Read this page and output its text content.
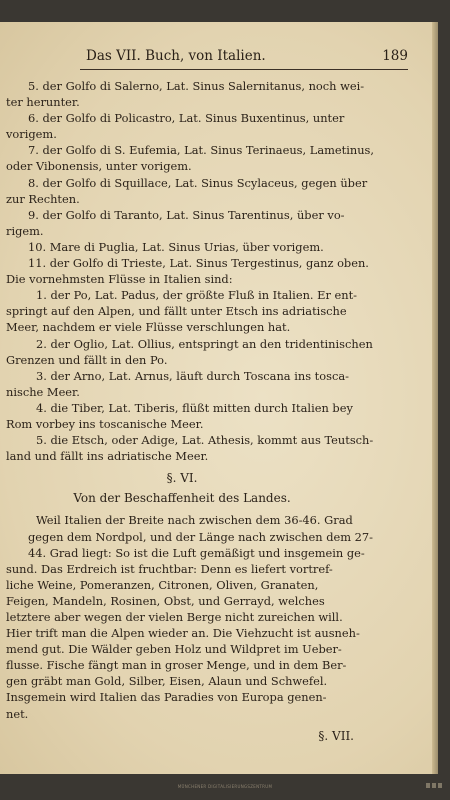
Das VII. Buch, von Italien.	189
5. der Golfo di Salerno, Lat. Sinus Salernitanus, noch wei-
ter herunter.
6. der Golfo di Policastro, Lat. Sinus Buxentinus, unter
vorigem.
7. der Golfo di S. Eufemia, Lat. Sinus Terinaeus, Lametinus,
oder Vibonensis, unter vorigem.
8. der Golfo di Squillace, Lat. Sinus Scylaceus, gegen über
zur Rechten.
9. der Golfo di Taranto, Lat. Sinus Tarentinus, über vo-
rigem.
10. Mare di Puglia, Lat. Sinus Urias, über vorigem.
11. der Golfo di Trieste, Lat. Sinus Tergestinus, ganz oben.
Die vornehmsten Flüsse in Italien sind:
1. der Po, Lat. Padus, der größte Fluß in Italien. Er ent-
springt auf den Alpen, und fällt unter Etsch ins adriatische
Meer, nachdem er viele Flüsse verschlungen hat.
2. der Oglio, Lat. Ollius, entspringt an den tridentinischen
Grenzen und fällt in den Po.
3. der Arno, Lat. Arnus, läuft durch Toscana ins tosca-
nische Meer.
4. die Tiber, Lat. Tiberis, flüßt mitten durch Italien bey
Rom vorbey ins toscanische Meer.
5. die Etsch, oder Adige, Lat. Athesis, kommt aus Teutsch-
land und fällt ins adriatische Meer.
§. VI.
Von der Beschaffenheit des Landes.
Weil Italien der Breite nach zwischen dem 36-46. Grad
gegen dem Nordpol, und der Länge nach zwischen dem 27-
44. Grad liegt: So ist die Luft gemäßigt und insgemein ge-
sund. Das Erdreich ist fruchtbar: Denn es liefert vortref-
liche Weine, Pomeranzen, Citronen, Oliven, Granaten,
Feigen, Mandeln, Rosinen, Obst, und Gerrayd, welches
letztere aber wegen der vielen Berge nicht zureichen will.
Hier trift man die Alpen wieder an. Die Viehzucht ist ausneh-
mend gut. Die Wälder geben Holz und Wildpret im Ueber-
flusse. Fische fängt man in groser Menge, und in dem Ber-
gen gräbt man Gold, Silber, Eisen, Alaun und Schwefel.
Insgemein wird Italien das Paradies von Europa genen-
net.
§. VII.
MÜNCHENER DIGITALISIERUNGSZENTRUM
